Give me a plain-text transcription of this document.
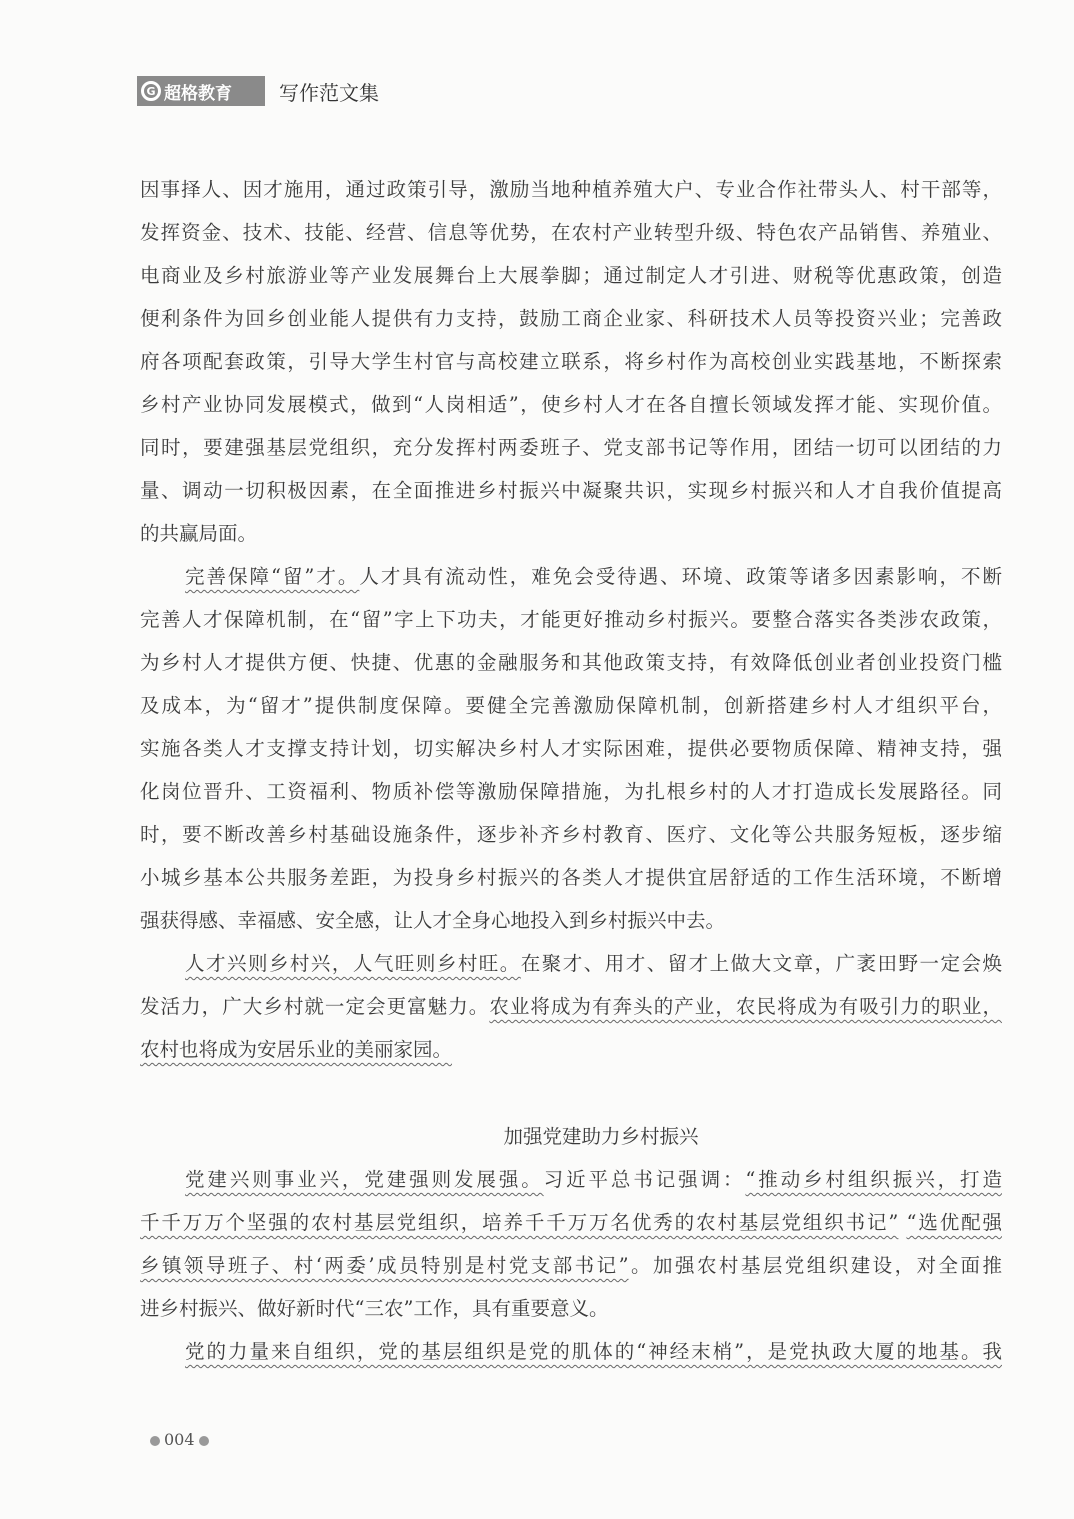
G 超格教育 写作范文集
因事择人、因才施用，通过政策引导，激励当地种植养殖大户、专业合作社带头人、村干部等，
发挥资金、技术、技能、经营、信息等优势，在农村产业转型升级、特色农产品销售、养殖业、
电商业及乡村旅游业等产业发展舞台上大展拳脚；通过制定人才引进、财税等优惠政策，创造
便利条件为回乡创业能人提供有力支持，鼓励工商企业家、科研技术人员等投资兴业；完善政
府各项配套政策，引导大学生村官与高校建立联系，将乡村作为高校创业实践基地，不断探索
乡村产业协同发展模式，做到“人岗相适”，使乡村人才在各自擅长领域发挥才能、实现价值。
同时，要建强基层党组织，充分发挥村两委班子、党支部书记等作用，团结一切可以团结的力
量、调动一切积极因素，在全面推进乡村振兴中凝聚共识，实现乡村振兴和人才自我价值提高
的共赢局面。
完善保障“留”才。人才具有流动性，难免会受待遇、环境、政策等诸多因素影响，不断
完善人才保障机制，在“留”字上下功夫，才能更好推动乡村振兴。要整合落实各类涉农政策，
为乡村人才提供方便、快捷、优惠的金融服务和其他政策支持，有效降低创业者创业投资门槛
及成本，为“留才”提供制度保障。要健全完善激励保障机制，创新搭建乡村人才组织平台，
实施各类人才支撑支持计划，切实解决乡村人才实际困难，提供必要物质保障、精神支持，强
化岗位晋升、工资福利、物质补偿等激励保障措施，为扎根乡村的人才打造成长发展路径。同
时，要不断改善乡村基础设施条件，逐步补齐乡村教育、医疗、文化等公共服务短板，逐步缩
小城乡基本公共服务差距，为投身乡村振兴的各类人才提供宜居舒适的工作生活环境，不断增
强获得感、幸福感、安全感，让人才全身心地投入到乡村振兴中去。
人才兴则乡村兴，人气旺则乡村旺。在聚才、用才、留才上做大文章，广袤田野一定会焕
发活力，广大乡村就一定会更富魅力。农业将成为有奔头的产业，农民将成为有吸引力的职业，
农村也将成为安居乐业的美丽家园。
加强党建助力乡村振兴
党建兴则事业兴，党建强则发展强。习近平总书记强调：“推动乡村组织振兴，打造
千千万万个坚强的农村基层党组织，培养千千万万名优秀的农村基层党组织书记” “选优配强
乡镇领导班子、村‘两委’成员特别是村党支部书记”。加强农村基层党组织建设，对全面推
进乡村振兴、做好新时代“三农”工作，具有重要意义。
党的力量来自组织，党的基层组织是党的肌体的“神经末梢”，是党执政大厦的地基。我
004
